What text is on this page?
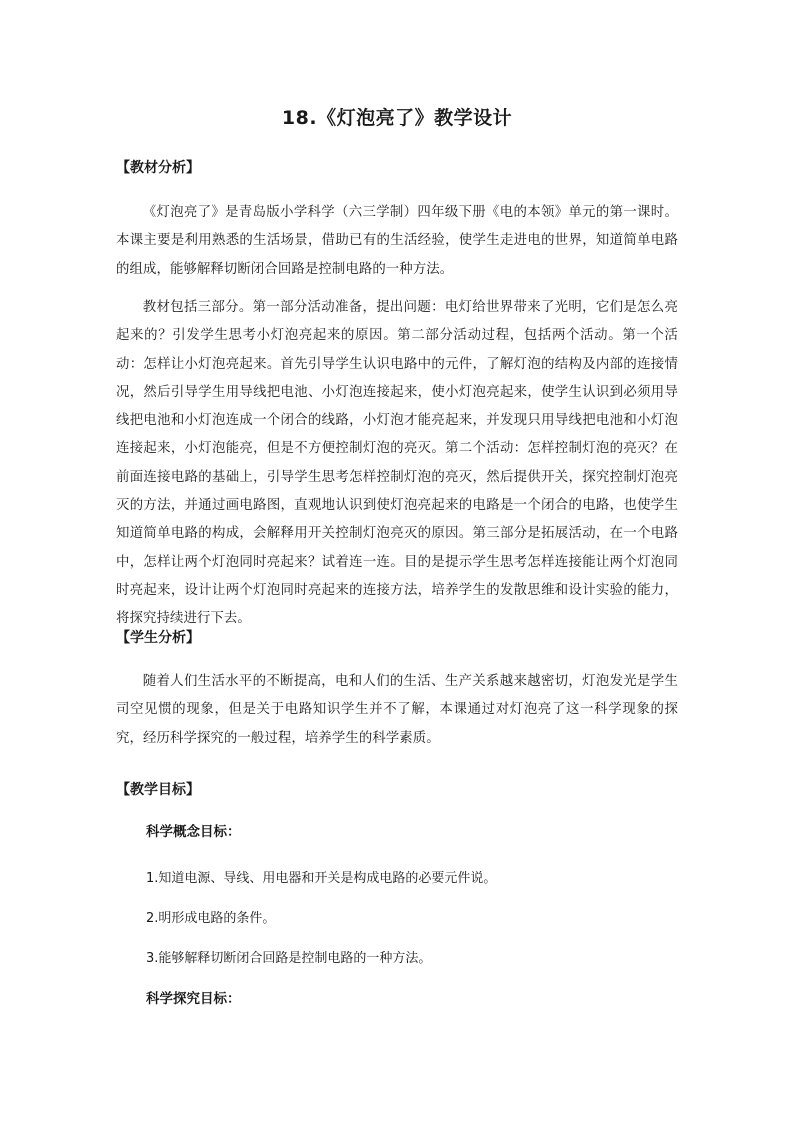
18.《灯泡亮了》教学设计
【教材分析】

《灯泡亮了》是青岛版小学科学（六三学制）四年级下册《电的本领》单元的第一课时。本课主要是利用熟悉的生活场景，借助已有的生活经验，使学生走进电的世界，知道简单电路的组成，能够解释切断闭合回路是控制电路的一种方法。

教材包括三部分。第一部分活动准备，提出问题：电灯给世界带来了光明，它们是怎么亮起来的？引发学生思考小灯泡亮起来的原因。第二部分活动过程，包括两个活动。第一个活动：怎样让小灯泡亮起来。首先引导学生认识电路中的元件，了解灯泡的结构及内部的连接情况，然后引导学生用导线把电池、小灯泡连接起来，使小灯泡亮起来，使学生认识到必须用导线把电池和小灯泡连成一个闭合的线路，小灯泡才能亮起来，并发现只用导线把电池和小灯泡连接起来，小灯泡能亮，但是不方便控制灯泡的亮灭。第二个活动：怎样控制灯泡的亮灭？在前面连接电路的基础上，引导学生思考怎样控制灯泡的亮灭，然后提供开关，探究控制灯泡亮灭的方法，并通过画电路图，直观地认识到使灯泡亮起来的电路是一个闭合的电路，也使学生知道简单电路的构成，会解释用开关控制灯泡亮灭的原因。第三部分是拓展活动，在一个电路中，怎样让两个灯泡同时亮起来？试着连一连。目的是提示学生思考怎样连接能让两个灯泡同时亮起来，设计让两个灯泡同时亮起来的连接方法，培养学生的发散思维和设计实验的能力，将探究持续进行下去。

【学生分析】

随着人们生活水平的不断提高，电和人们的生活、生产关系越来越密切，灯泡发光是学生司空见惯的现象，但是关于电路知识学生并不了解，本课通过对灯泡亮了这一科学现象的探究，经历科学探究的一般过程，培养学生的科学素质。

【教学目标】
科学概念目标：

1.知道电源、导线、用电器和开关是构成电路的必要元件说。

2.明形成电路的条件。

3.能够解释切断闭合回路是控制电路的一种方法。

科学探究目标：
